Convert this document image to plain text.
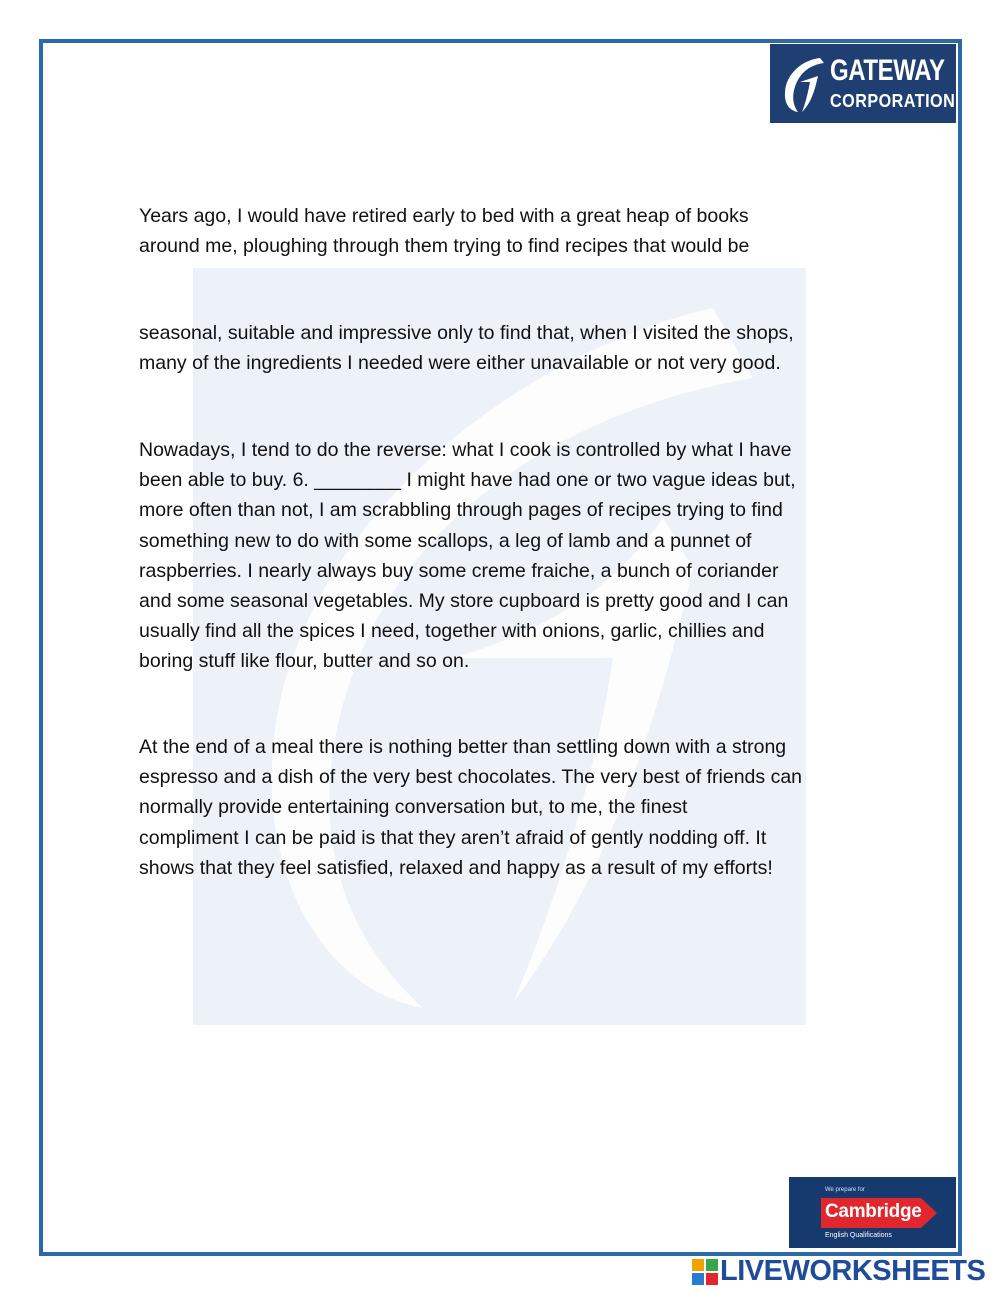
GATEWAY
CORPORATION
Years ago, I would have retired early to bed with a great heap of books
around me, ploughing through them trying to find recipes that would be
seasonal, suitable and impressive only to find that, when I visited the shops,
many of the ingredients I needed were either unavailable or not very good.
Nowadays, I tend to do the reverse: what I cook is controlled by what I have
been able to buy. 6. ________ I might have had one or two vague ideas but,
more often than not, I am scrabbling through pages of recipes trying to find
something new to do with some scallops, a leg of lamb and a punnet of
raspberries. I nearly always buy some creme fraiche, a bunch of coriander
and some seasonal vegetables. My store cupboard is pretty good and I can
usually find all the spices I need, together with onions, garlic, chillies and
boring stuff like flour, butter and so on.
At the end of a meal there is nothing better than settling down with a strong
espresso and a dish of the very best chocolates. The very best of friends can
normally provide entertaining conversation but, to me, the finest
compliment I can be paid is that they aren’t afraid of gently nodding off. It
shows that they feel satisfied, relaxed and happy as a result of my efforts!
We prepare for
Cambridge
English Qualifications
LIVEWORKSHEETS
